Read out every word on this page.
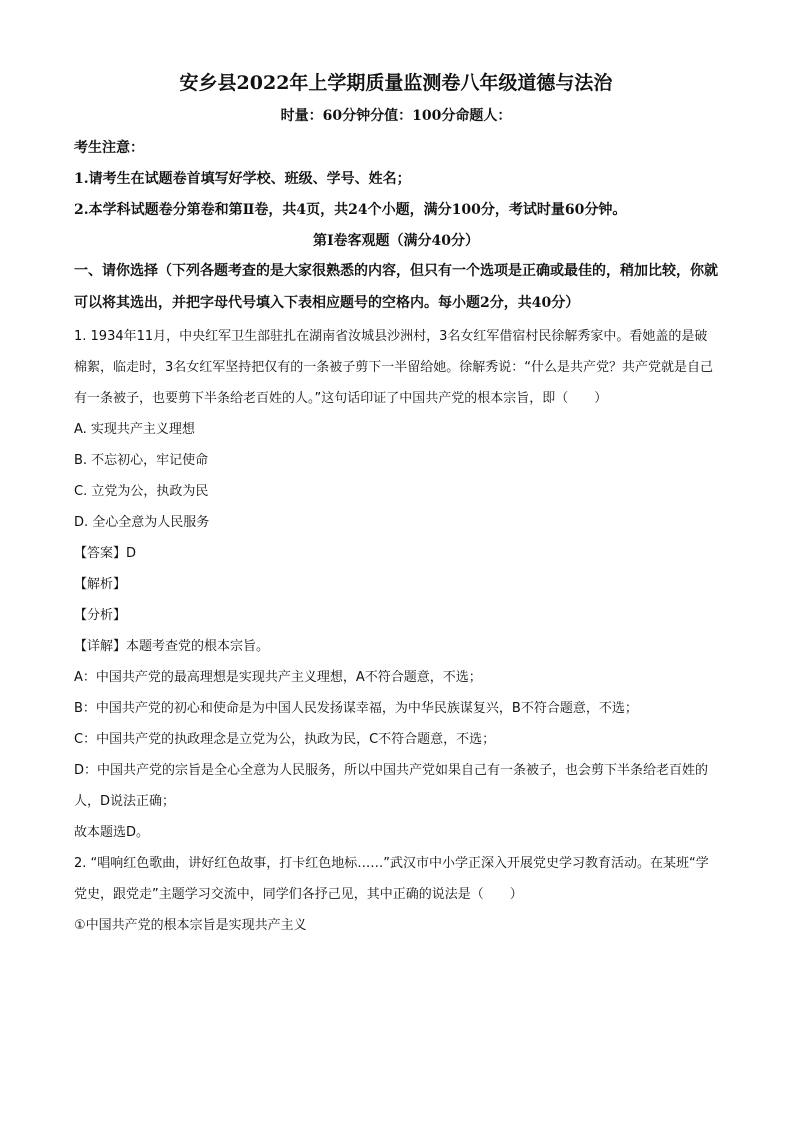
安乡县2022年上学期质量监测卷八年级道德与法治

时量：60分钟分值：100分命题人：

考生注意：

1.请考生在试题卷首填写好学校、班级、学号、姓名；

2.本学科试题卷分第卷和第Ⅱ卷，共4页，共24个小题，满分100分，考试时量60分钟。

第Ⅰ卷客观题（满分40分）

一、请你选择（下列各题考查的是大家很熟悉的内容，但只有一个选项是正确或最佳的，稍加比较，你就可以将其选出，并把字母代号填入下表相应题号的空格内。每小题2分，共40分）

1. 1934年11月，中央红军卫生部驻扎在湖南省汝城县沙洲村，3名女红军借宿村民徐解秀家中。看她盖的是破棉絮，临走时，3名女红军坚持把仅有的一条被子剪下一半留给她。徐解秀说：“什么是共产党？共产党就是自己有一条被子，也要剪下半条给老百姓的人。”这句话印证了中国共产党的根本宗旨，即（　　）

A. 实现共产主义理想

B. 不忘初心，牢记使命

C. 立党为公，执政为民

D. 全心全意为人民服务

【答案】D

【解析】

【分析】

【详解】本题考查党的根本宗旨。

A：中国共产党的最高理想是实现共产主义理想，A不符合题意，不选；

B：中国共产党的初心和使命是为中国人民发扬谋幸福，为中华民族谋复兴，B不符合题意，不选；

C：中国共产党的执政理念是立党为公，执政为民，C不符合题意，不选；

D：中国共产党的宗旨是全心全意为人民服务，所以中国共产党如果自己有一条被子，也会剪下半条给老百姓的人，D说法正确；

故本题选D。

2. “唱响红色歌曲，讲好红色故事，打卡红色地标……”武汉市中小学正深入开展党史学习教育活动。在某班“学党史，跟党走”主题学习交流中，同学们各抒己见，其中正确的说法是（　　）

①中国共产党的根本宗旨是实现共产主义
